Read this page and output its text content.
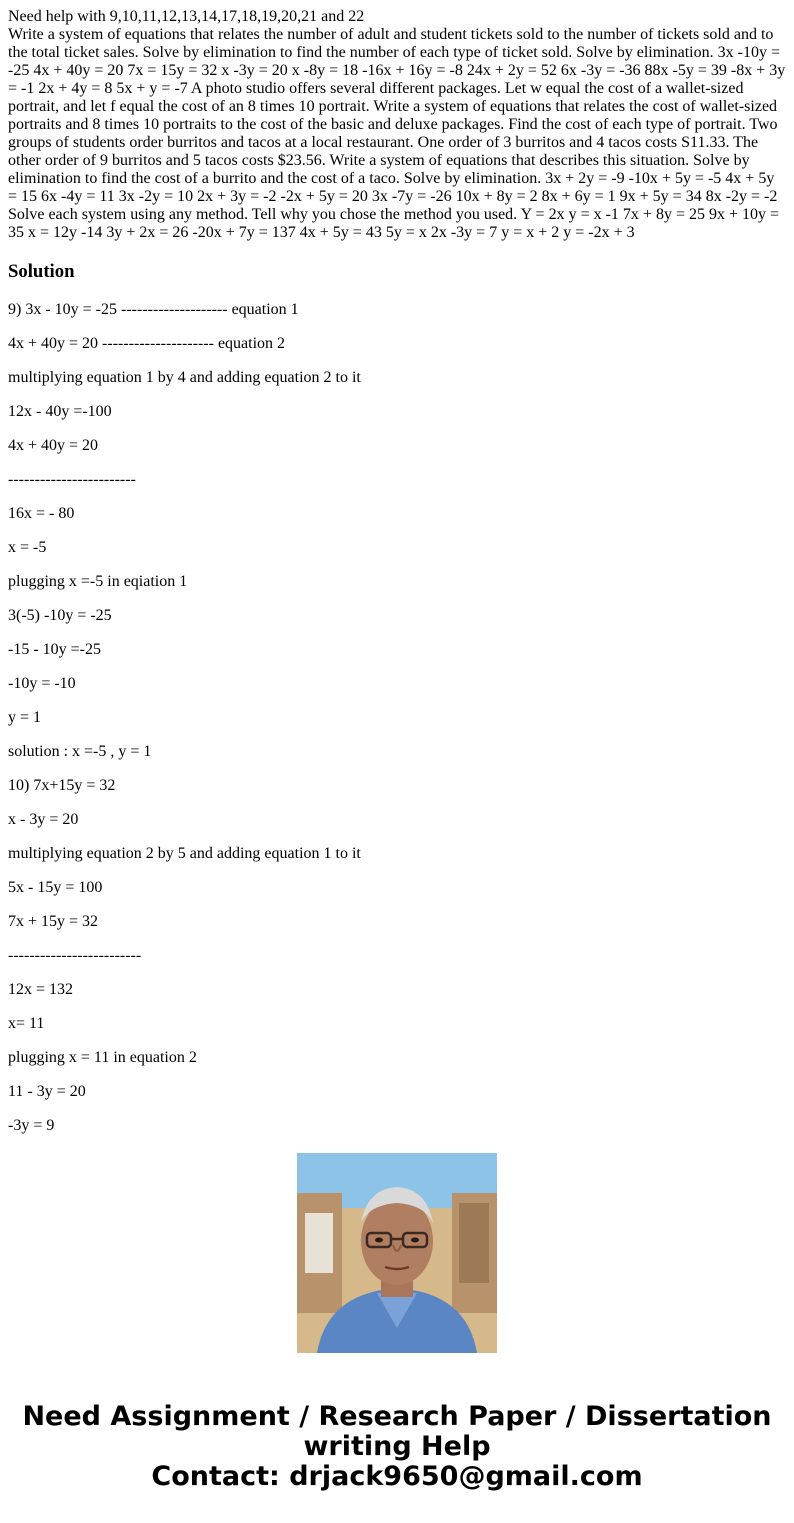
Need help with 9,10,11,12,13,14,17,18,19,20,21 and 22
Write a system of equations that relates the number of adult and student tickets sold to the number of tickets sold and to the total ticket sales. Solve by elimination to find the number of each type of ticket sold. Solve by elimination. 3x -10y = -25 4x + 40y = 20 7x = 15y = 32 x -3y = 20 x -8y = 18 -16x + 16y = -8 24x + 2y = 52 6x -3y = -36 88x -5y = 39 -8x + 3y = -1 2x + 4y = 8 5x + y = -7 A photo studio offers several different packages. Let w equal the cost of a wallet-sized portrait, and let f equal the cost of an 8 times 10 portrait. Write a system of equations that relates the cost of wallet-sized portraits and 8 times 10 portraits to the cost of the basic and deluxe packages. Find the cost of each type of portrait. Two groups of students order burritos and tacos at a local restaurant. One order of 3 burritos and 4 tacos costs S11.33. The other order of 9 burritos and 5 tacos costs $23.56. Write a system of equations that describes this situation. Solve by elimination to find the cost of a burrito and the cost of a taco. Solve by elimination. 3x + 2y = -9 -10x + 5y = -5 4x + 5y = 15 6x -4y = 11 3x -2y = 10 2x + 3y = -2 -2x + 5y = 20 3x -7y = -26 10x + 8y = 2 8x + 6y = 1 9x + 5y = 34 8x -2y = -2 Solve each system using any method. Tell why you chose the method you used. Y = 2x y = x -1 7x + 8y = 25 9x + 10y = 35 x = 12y -14 3y + 2x = 26 -20x + 7y = 137 4x + 5y = 43 5y = x 2x -3y = 7 y = x + 2 y = -2x + 3
Solution

9) 3x - 10y = -25 -------------------- equation 1

4x + 40y = 20 --------------------- equation 2

multiplying equation 1 by 4 and adding equation 2 to it

12x - 40y =-100

4x + 40y = 20

------------------------

16x = - 80

x = -5

plugging x =-5 in eqiation 1

3(-5) -10y = -25

-15 - 10y =-25

-10y = -10

y = 1

solution : x =-5 , y = 1

10) 7x+15y = 32

x - 3y = 20

multiplying equation 2 by 5 and adding equation 1 to it

5x - 15y = 100

7x + 15y = 32

-------------------------

12x = 132

x= 11

plugging x = 11 in equation 2

11 - 3y = 20

-3y = 9

Need Assignment / Research Paper / Dissertation
writing Help
Contact: drjack9650@gmail.com
